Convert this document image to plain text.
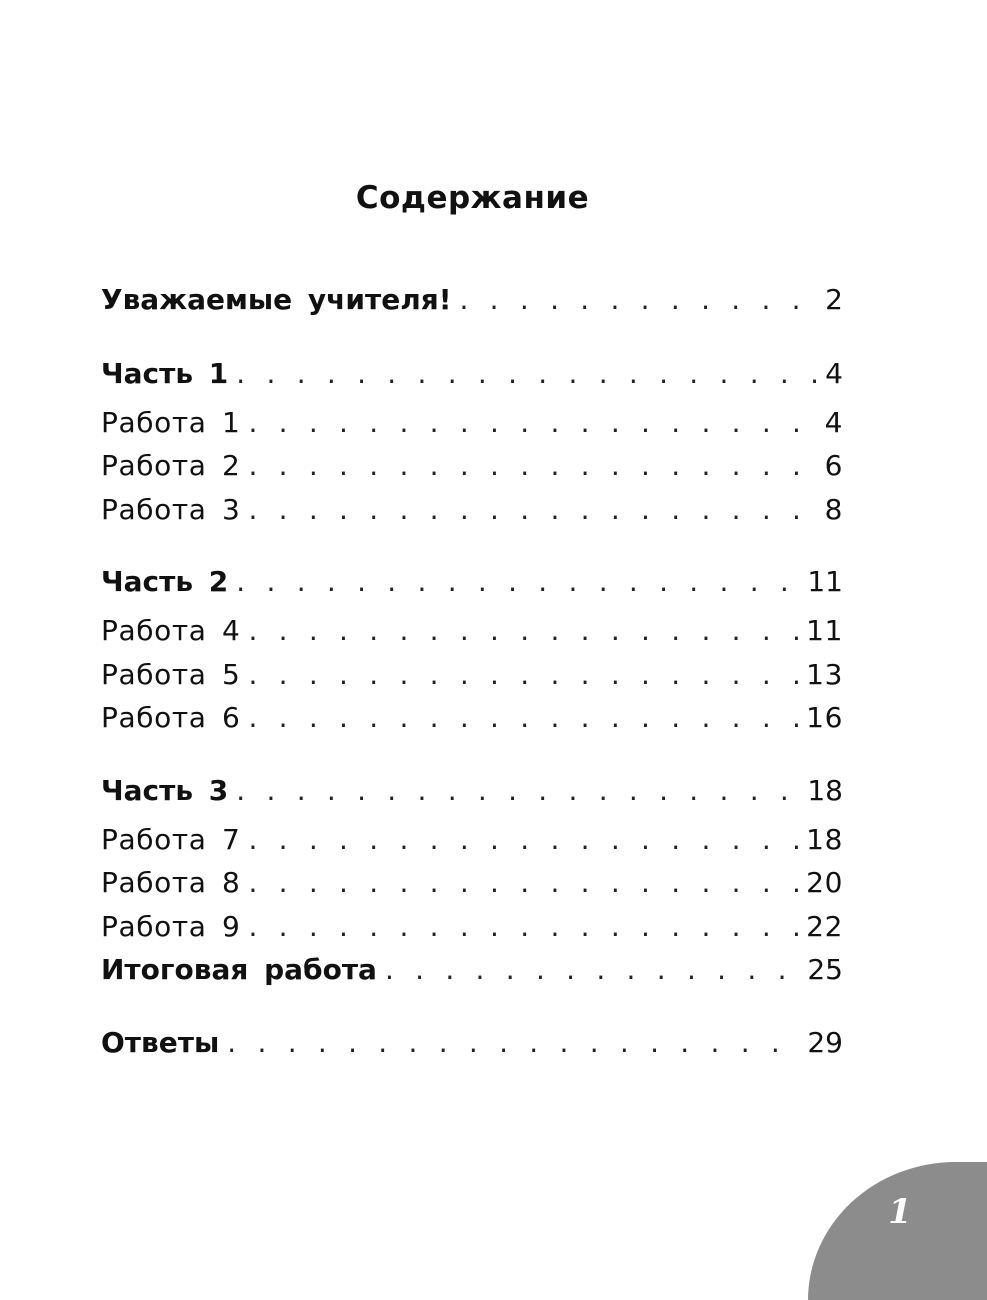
Содержание
Уважаемые учителя! . . .	2
Часть 1 . . .	4
Работа 1 . . .	4
Работа 2 . . .	6
Работа 3 . . .	8
Часть 2 . . .	11
Работа 4 . . .	11
Работа 5 . . .	13
Работа 6 . . .	16
Часть 3 . . .	18
Работа 7 . . .	18
Работа 8 . . .	20
Работа 9 . . .	22
Итоговая работа . . .	25
Ответы . . .	29
1
